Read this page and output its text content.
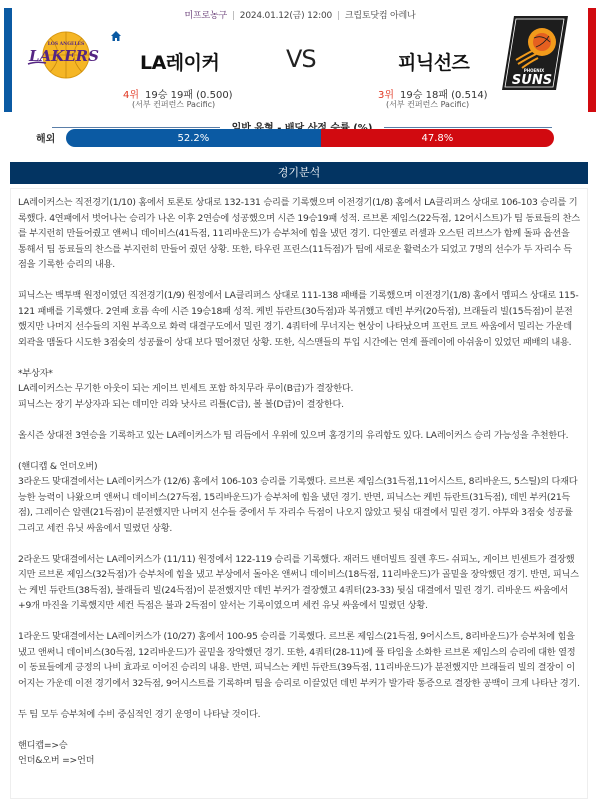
미프로농구 | 2024.01.12(금) 12:00 | 크립토닷컴 아레나
LOS ANGELES
LAKERS
PHOENIX
SUNS
LA레이커	VS	피닉선즈
4위 19승 19패 (0.500)
(서부 컨퍼런스 Pacific)
3위 19승 18패 (0.514)
(서부 컨퍼런스 Pacific)
해외	52.2%	47.8%
경기분석

LA레이커스는 직전경기(1/10) 홈에서 토론토 상대로 132-131 승리를 기록했으며 이전경기(1/8) 홈에서 LA클리퍼스 상대로 106-103 승리를 기록했다. 4연패에서 벗어나는 승리가 나온 이후 2연승에 성공했으며 시즌 19승19패 성적. 르브론 제임스(22득점, 12어시스트)가 팀 동료들의 찬스를 부지런히 만들어줬고 앤써니 데이비스(41득점, 11리바운드)가 승부처에 힘을 냈던 경기. 디안젤로 러셀과 오스틴 리브스가 함께 돌파 옵션을 통해서 팀 동료들의 찬스를 부지런히 만들어 줬던 상황. 또한, 타우린 프린스(11득점)가 팀에 새로운 활력소가 되었고 7명의 선수가 두 자리수 득점을 기록한 승리의 내용.

피닉스는 백투백 원정이였던 직전경기(1/9) 원정에서 LA클리퍼스 상대로 111-138 패배를 기록했으며 이전경기(1/8) 홈에서 멤피스 상대로 115-121 패배를 기록했다. 2연패 흐름 속에 시즌 19승18패 성적. 케빈 듀란트(30득점)과 복귀했고 데빈 부커(20득점), 브래들리 빌(15득점)이 분전했지만 나머지 선수들의 지원 부족으로 화력 대결구도에서 밀린 경기. 4쿼터에 무너지는 현상이 나타났으며 프런트 코트 싸움에서 밀리는 가운데 외곽을 맴돌다 시도한 3점슛의 성공률이 상대 보다 떨어졌던 상황. 또한, 식스맨들의 투입 시간에는 연계 플레이에 아쉬움이 있었던 패배의 내용.

*부상자*

LA레이커스는 무기한 아웃이 되는 게이브 빈세트 포함 하치무라 루이(B급)가 결장한다.

피닉스는 장기 부상자과 되는 데미안 리와 낫사르 리틀(C급), 볼 볼(D급)이 결장한다.

올시즌 상대전 3연승을 기록하고 있는 LA레이커스가 팀 리듬에서 우위에 있으며 홈경기의 유리함도 있다. LA레이커스 승리 가능성을 추천한다.

(핸디캡 & 언더오버)

3라운드 맞대결에서는 LA레이커스가 (12/6) 홈에서 106-103 승리를 기록했다. 르브론 제임스(31득점,11어시스트, 8리바운드, 5스틸)의 다재다능한 능력이 나왔으며 앤써니 데이비스(27득점, 15리바운드)가 승부처에 힘을 냈던 경기. 반면, 피닉스는 케빈 듀란트(31득점), 데빈 부커(21득점), 그레이슨 알렌(21득점)이 분전했지만 나머지 선수들 중에서 두 자리수 득점이 나오지 않았고 뒷심 대결에서 밀린 경기. 야투와 3점슛 성공률 그리고 세컨 유닛 싸움에서 밀렸던 상황.

2라운드 맞대결에서는 LA레이커스가 (11/11) 원정에서 122-119 승리를 기록했다. 재러드 밴더빌트 질렌 후드- 쉬피노, 게이브 빈센트가 결장했지만 르브론 제임스(32득점)가 승부처에 힘을 냈고 부상에서 돌아온 앤써니 데이비스(18득점, 11리바운드)가 골밑을 장악했던 경기. 반면, 피닉스는 케빈 듀란트(38득점), 블래들리 빌(24득점)이 분전했지만 데빈 부커가 결장했고 4쿼터(23-33) 뒷심 대결에서 밀린 경기. 리바운드 싸움에서 +9개 마진을 기록했지만 세컨 득점은 불과 2득점이 앞서는 기록이였으며 세컨 유닛 싸움에서 밀렸던 상황.

1라운드 맞대결에서는 LA레이커스가 (10/27) 홈에서 100-95 승리를 기록했다. 르브론 제임스(21득점, 9어시스트, 8리바운드)가 승부처에 힘을 냈고 앤써니 데이비스(30득점, 12리바운드)가 골밑을 장악했던 경기. 또한, 4쿼터(28-11)에 풀 타임을 소화한 르브론 제임스의 승리에 대한 열정이 동료들에게 긍정의 나비 효과로 이어진 승리의 내용. 반면, 피닉스는 케빈 듀란트(39득점, 11리바운드)가 분전했지만 브래들리 빌의 결장이 이어지는 가운데 이전 경기에서 32득점, 9어시스트를 기록하며 팀을 승리로 이끌었던 데빈 부커가 발가락 통증으로 결장한 공백이 크게 나타난 경기.

두 팀 모두 승부처에 수비 중심적인 경기 운영이 나타날 것이다.

핸디캡=>승

언더&오버 =>언더
